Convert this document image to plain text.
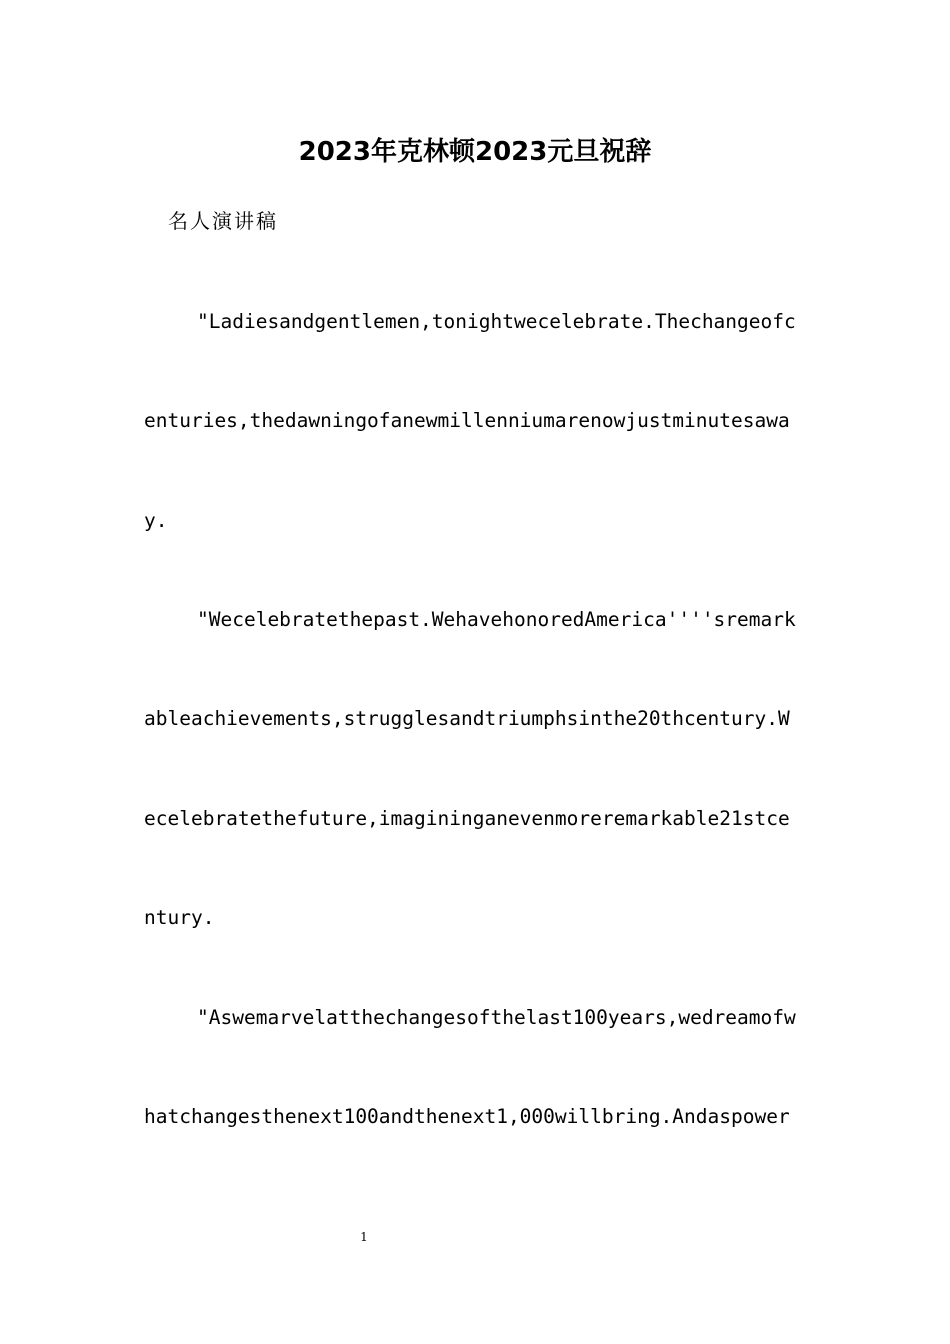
2023年克林顿2023元旦祝辞
名人演讲稿
"Ladiesandgentlemen,tonightwecelebrate.Thechangeofc
enturies,thedawningofanewmillenniumarenowjustminutesawa
y.
"Wecelebratethepast.WehavehonoredAmerica''''sremark
ableachievements,strugglesandtriumphsinthe20thcentury.W
ecelebratethefuture,imagininganevenmoreremarkable21stce
ntury.
"Aswemarvelatthechangesofthelast100years,wedreamofw
hatchangesthenext100andthenext1,000willbring.Andaspower
1
